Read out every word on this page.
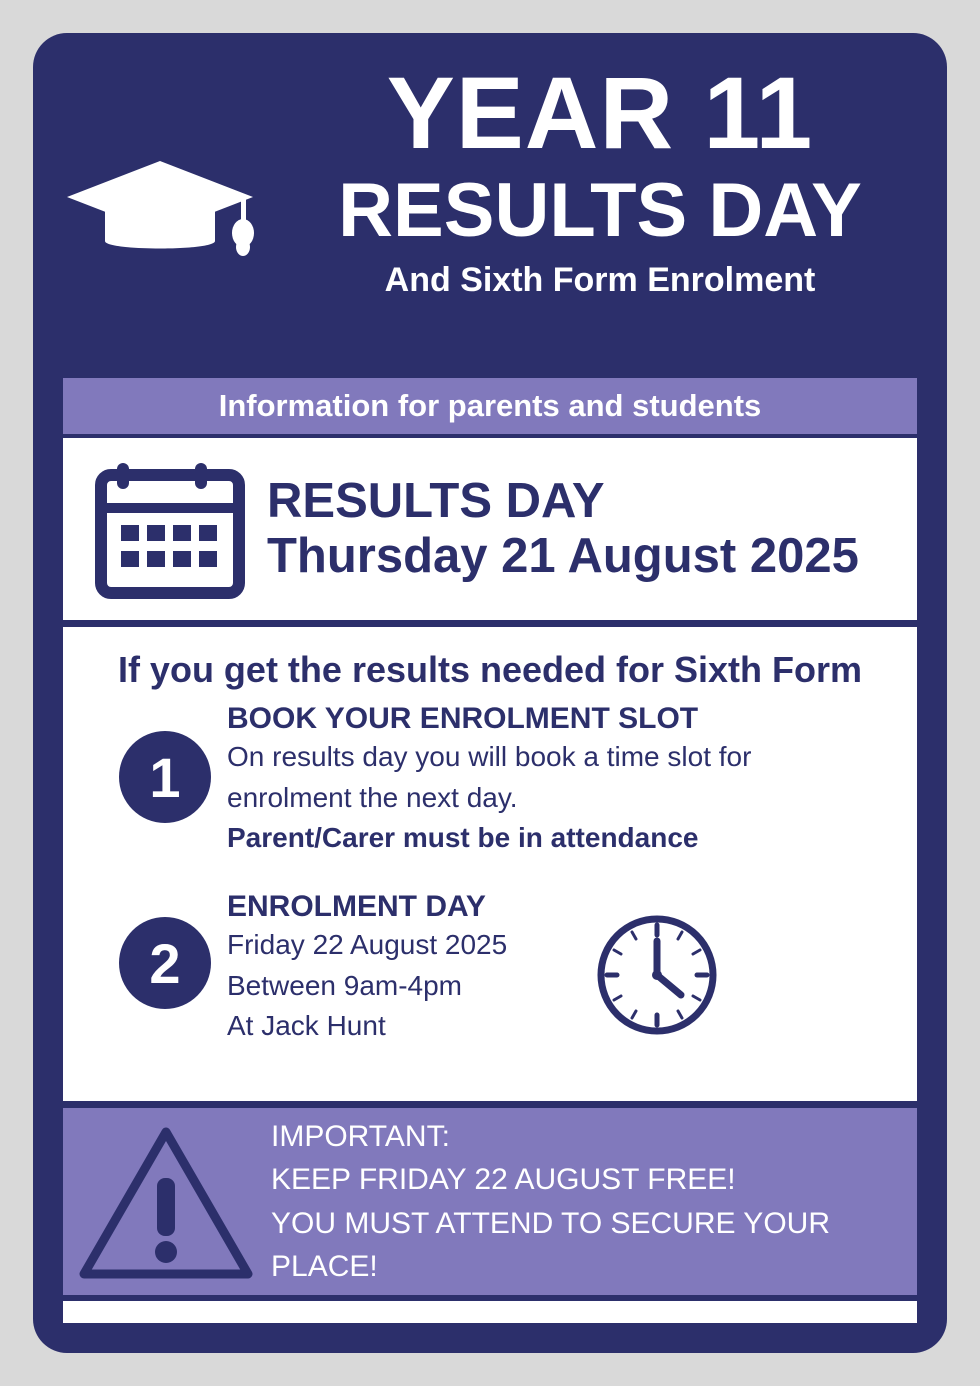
YEAR 11
RESULTS DAY
And Sixth Form Enrolment
Information for parents and students
RESULTS DAY
Thursday 21 August 2025
If you get the results needed for Sixth Form
1
BOOK YOUR ENROLMENT SLOT
On results day you will book a time slot for
enrolment the next day.
Parent/Carer must be in attendance
2
ENROLMENT DAY
Friday 22 August 2025
Between 9am-4pm
At Jack Hunt
IMPORTANT:
KEEP FRIDAY 22 AUGUST FREE!
YOU MUST ATTEND TO SECURE YOUR
PLACE!
